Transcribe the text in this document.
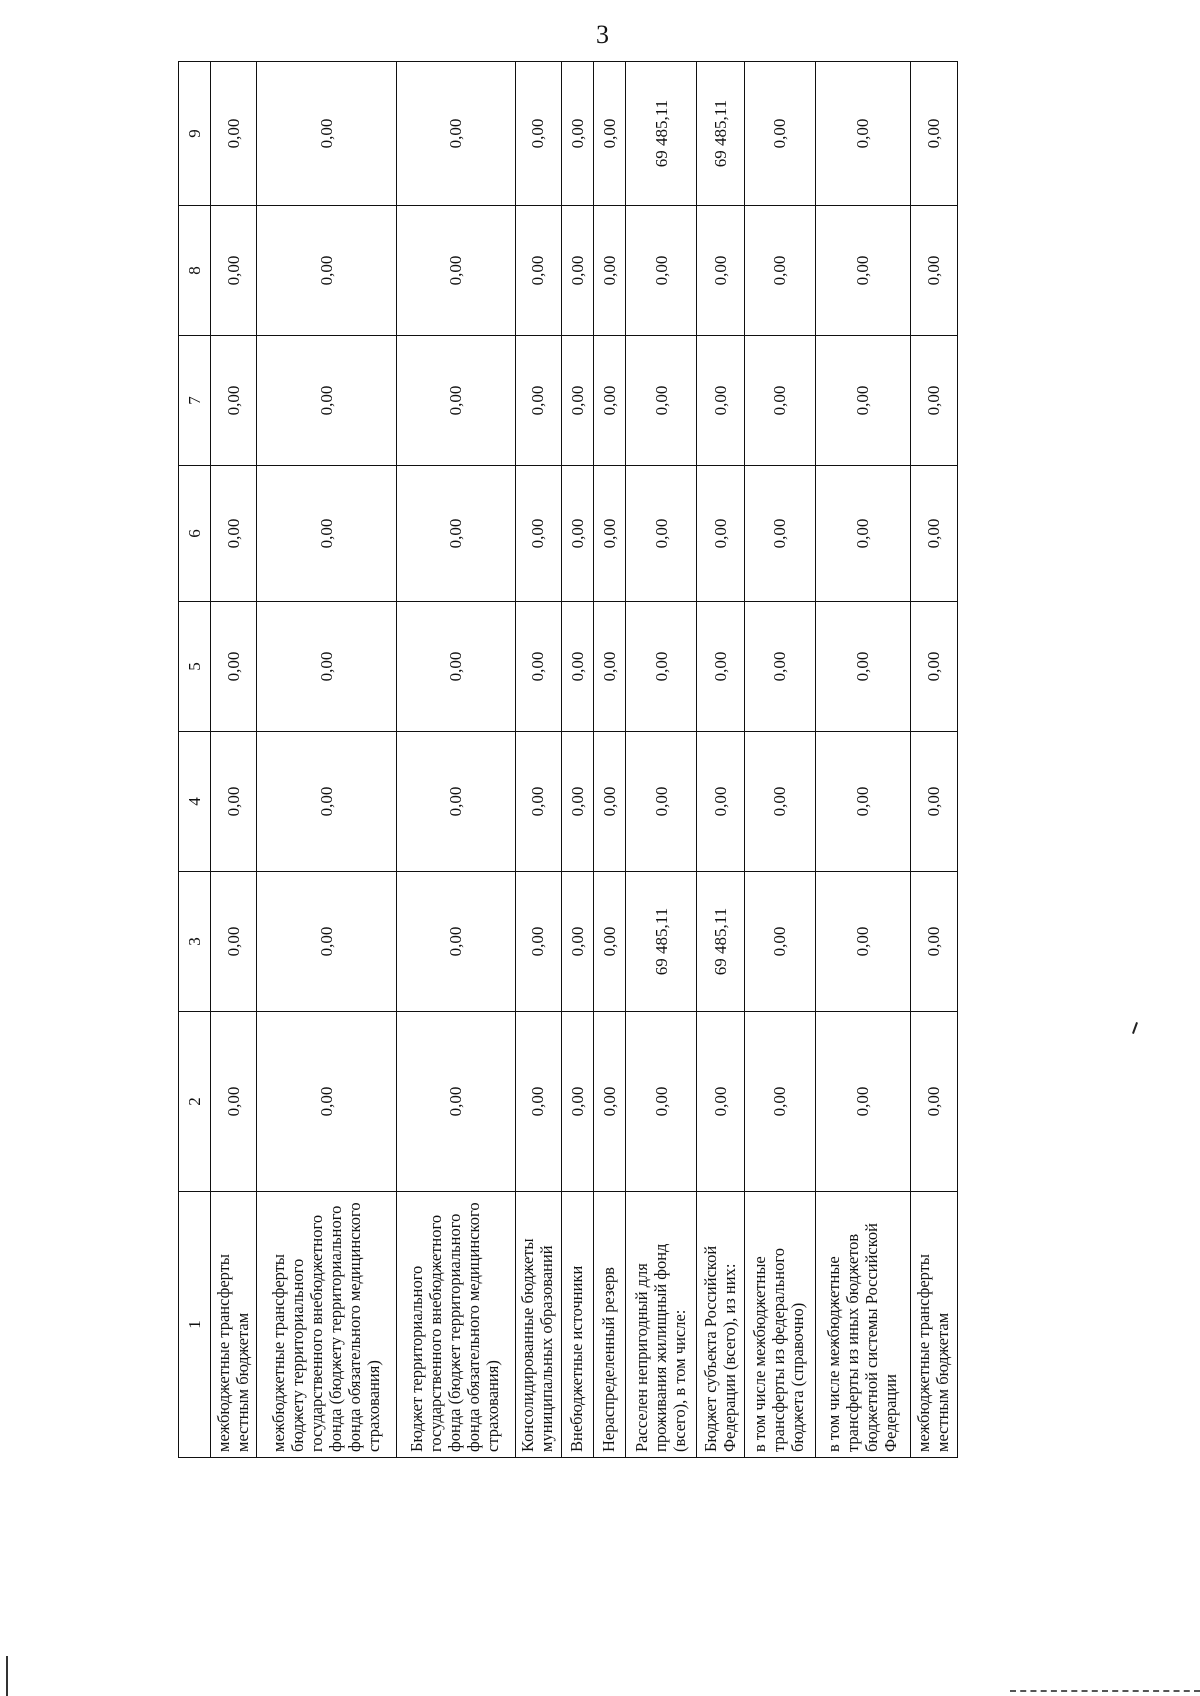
3
1	2	3	4	5	6	7	8	9
межбюджетные трансферты местным бюджетам	0,00	0,00	0,00	0,00	0,00	0,00	0,00	0,00
межбюджетные трансферты бюджету территориального государственного внебюджетного фонда (бюджету территориального фонда обязательного медицинского страхования)	0,00	0,00	0,00	0,00	0,00	0,00	0,00	0,00
Бюджет территориального государственного внебюджетного фонда (бюджет территориального фонда обязательного медицинского страхования)	0,00	0,00	0,00	0,00	0,00	0,00	0,00	0,00
Консолидированные бюджеты муниципальных образований	0,00	0,00	0,00	0,00	0,00	0,00	0,00	0,00
Внебюджетные источники	0,00	0,00	0,00	0,00	0,00	0,00	0,00	0,00
Нераспределенный резерв	0,00	0,00	0,00	0,00	0,00	0,00	0,00	0,00
Расселен непригодный для проживания жилищный фонд (всего), в том числе:	0,00	69 485,11	0,00	0,00	0,00	0,00	0,00	69 485,11
Бюджет субъекта Российской Федерации (всего), из них:	0,00	69 485,11	0,00	0,00	0,00	0,00	0,00	69 485,11
в том числе межбюджетные трансферты из федерального бюджета (справочно)	0,00	0,00	0,00	0,00	0,00	0,00	0,00	0,00
в том числе межбюджетные трансферты из иных бюджетов бюджетной системы Российской Федерации	0,00	0,00	0,00	0,00	0,00	0,00	0,00	0,00
межбюджетные трансферты местным бюджетам	0,00	0,00	0,00	0,00	0,00	0,00	0,00	0,00
